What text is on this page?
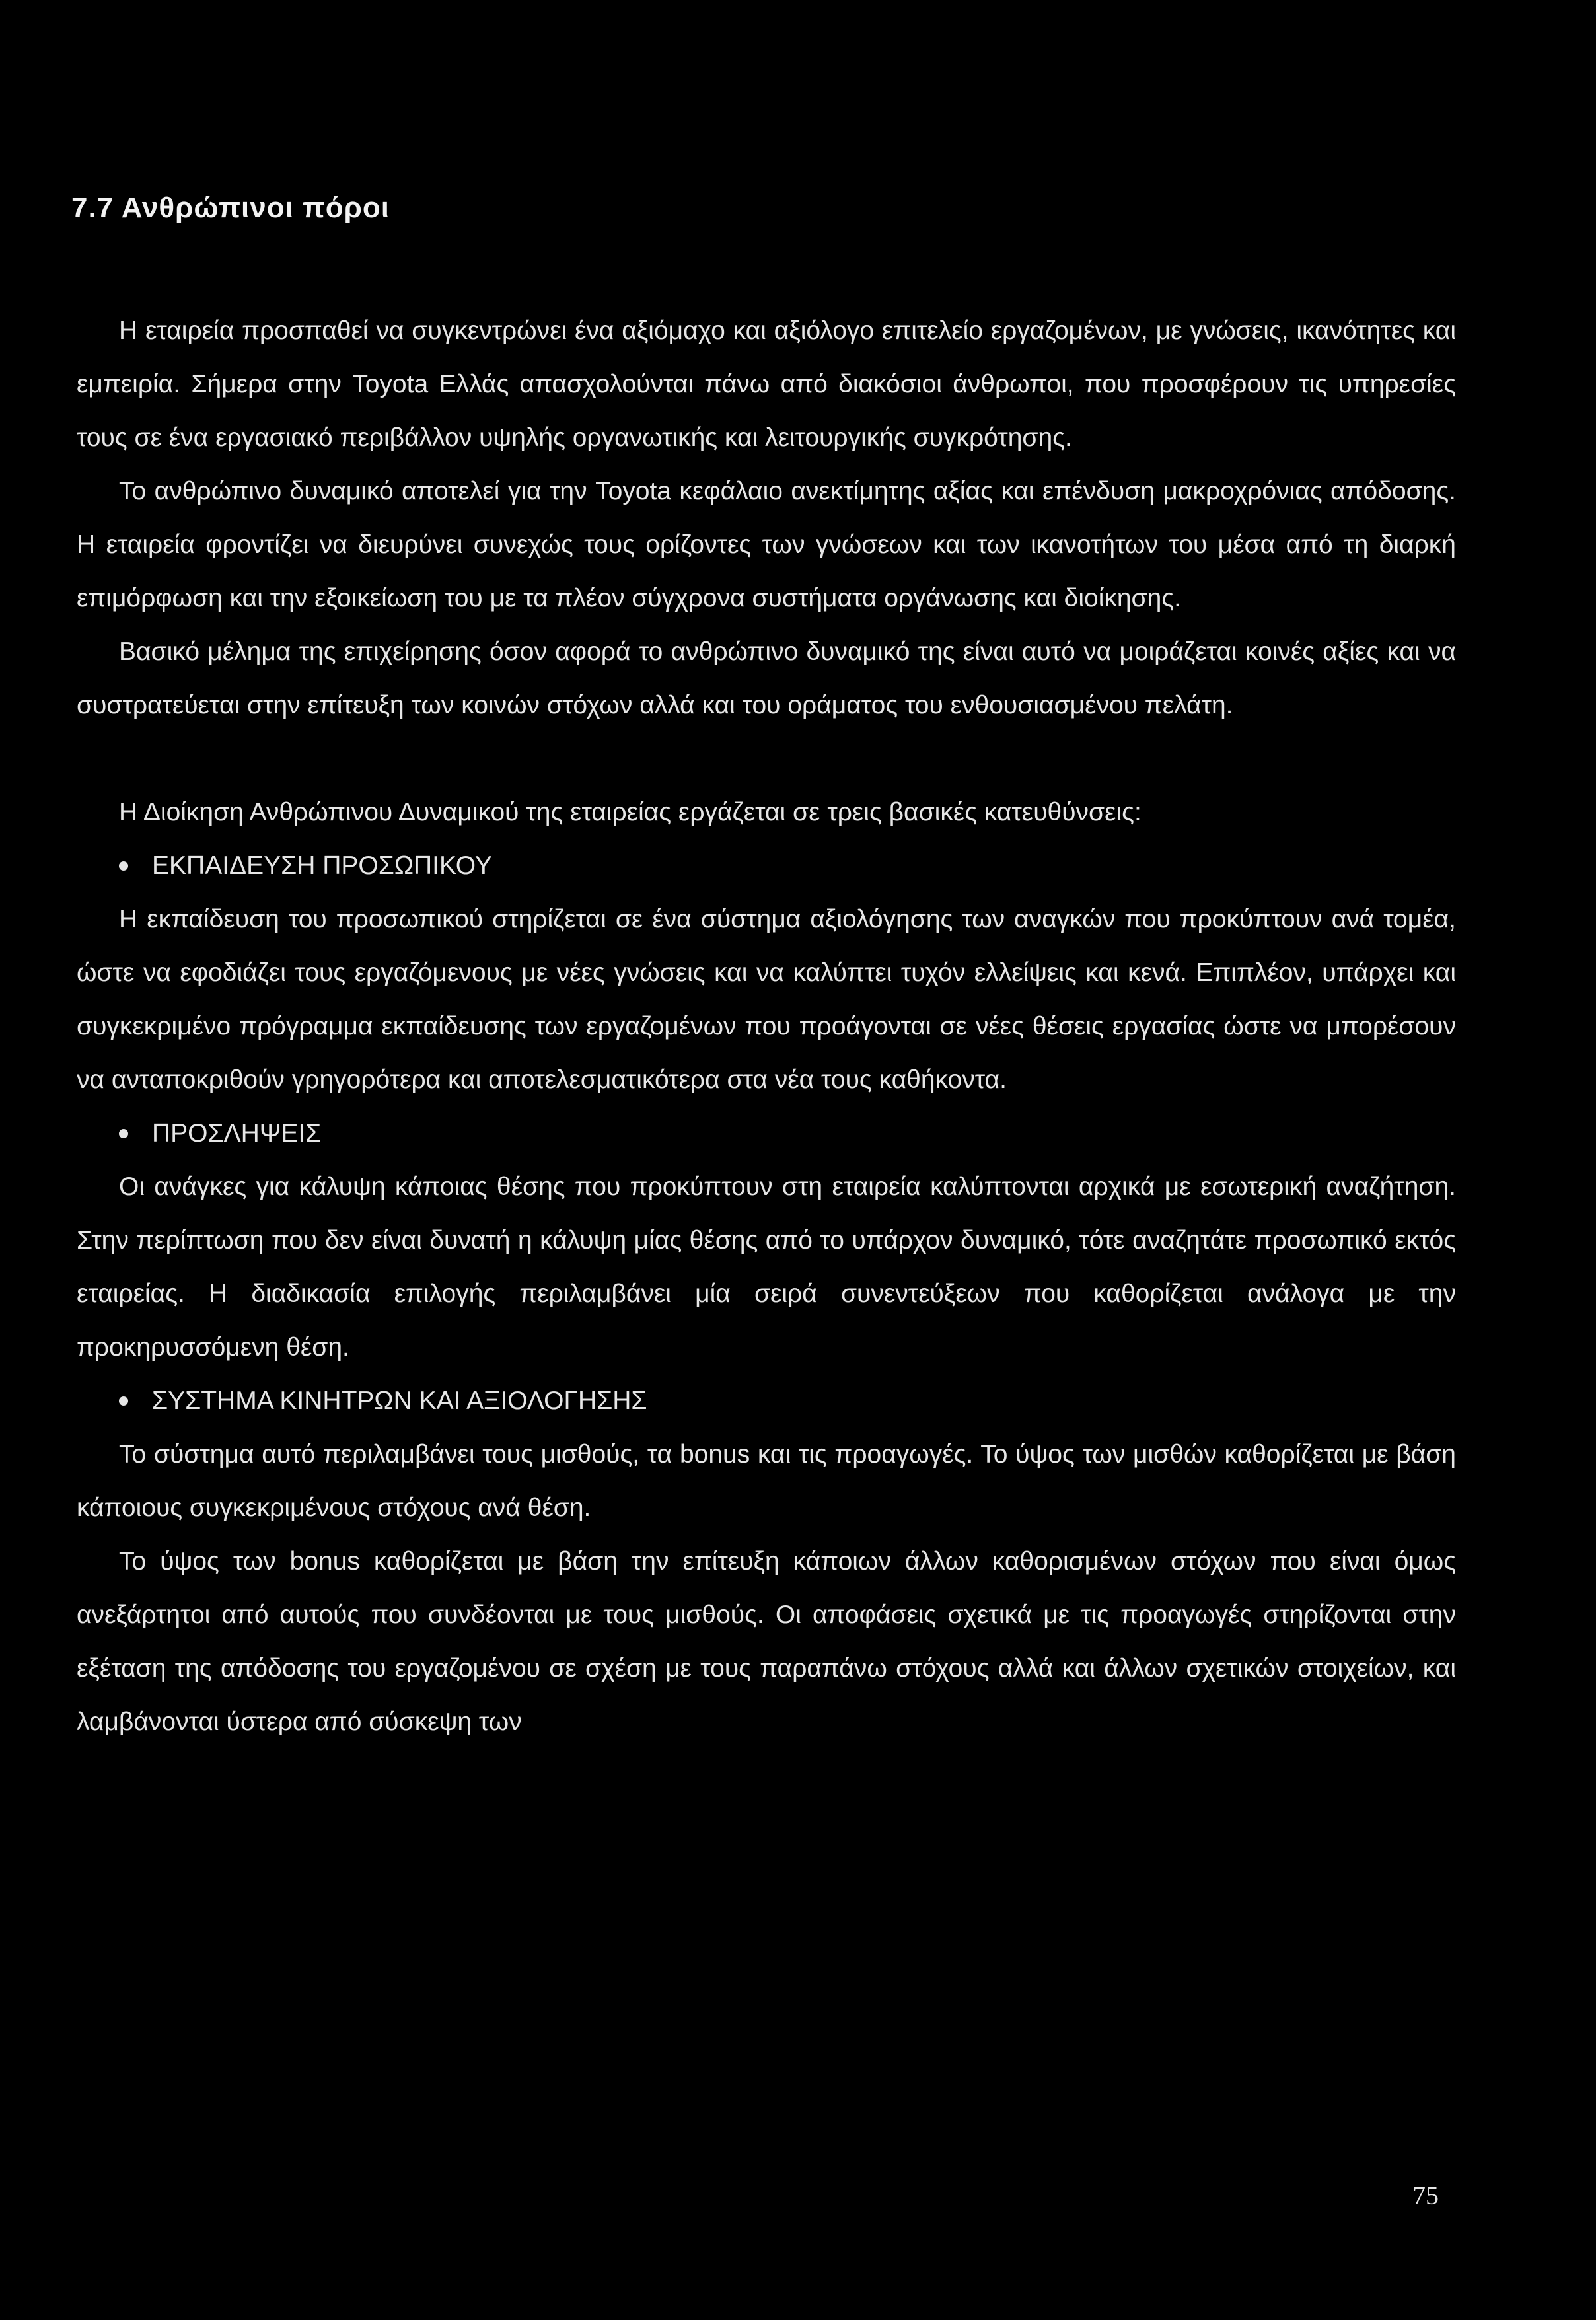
7.7 Ανθρώπινοι πόροι

Η εταιρεία προσπαθεί να συγκεντρώνει ένα αξιόμαχο και αξιόλογο επιτελείο εργαζομένων, με γνώσεις, ικανότητες και εμπειρία. Σήμερα στην Toyota Ελλάς απασχολούνται πάνω από διακόσιοι άνθρωποι, που προσφέρουν τις υπηρεσίες τους σε ένα εργασιακό περιβάλλον υψηλής οργανωτικής και λειτουργικής συγκρότησης.

Το ανθρώπινο δυναμικό αποτελεί για την Toyota κεφάλαιο ανεκτίμητης αξίας και επένδυση μακροχρόνιας απόδοσης. Η εταιρεία φροντίζει να διευρύνει συνεχώς τους ορίζοντες των γνώσεων και των ικανοτήτων του μέσα από τη διαρκή επιμόρφωση και την εξοικείωση του με τα πλέον σύγχρονα συστήματα οργάνωσης και διοίκησης.

Βασικό μέλημα της επιχείρησης όσον αφορά το ανθρώπινο δυναμικό της είναι αυτό να μοιράζεται κοινές αξίες και να συστρατεύεται στην επίτευξη των κοινών στόχων αλλά και του οράματος του ενθουσιασμένου πελάτη.

Η Διοίκηση Ανθρώπινου Δυναμικού της εταιρείας εργάζεται σε τρεις βασικές κατευθύνσεις:

ΕΚΠΑΙΔΕΥΣΗ ΠΡΟΣΩΠΙΚΟΥ

Η εκπαίδευση του προσωπικού στηρίζεται σε ένα σύστημα αξιολόγησης των αναγκών που προκύπτουν ανά τομέα, ώστε να εφοδιάζει τους εργαζόμενους με νέες γνώσεις και να καλύπτει τυχόν ελλείψεις και κενά. Επιπλέον, υπάρχει και συγκεκριμένο πρόγραμμα εκπαίδευσης των εργαζομένων που προάγονται σε νέες θέσεις εργασίας ώστε να μπορέσουν να ανταποκριθούν γρηγορότερα και αποτελεσματικότερα στα νέα τους καθήκοντα.

ΠΡΟΣΛΗΨΕΙΣ

Οι ανάγκες για κάλυψη κάποιας θέσης που προκύπτουν στη εταιρεία καλύπτονται αρχικά με εσωτερική αναζήτηση. Στην περίπτωση που δεν είναι δυνατή η κάλυψη μίας θέσης από το υπάρχον δυναμικό, τότε αναζητάτε προσωπικό εκτός εταιρείας. Η διαδικασία επιλογής περιλαμβάνει μία σειρά συνεντεύξεων που καθορίζεται ανάλογα με την προκηρυσσόμενη θέση.

ΣΥΣΤΗΜΑ ΚΙΝΗΤΡΩΝ ΚΑΙ ΑΞΙΟΛΟΓΗΣΗΣ

Το σύστημα αυτό περιλαμβάνει τους μισθούς, τα bonus και τις προαγωγές. Το ύψος των μισθών καθορίζεται με βάση κάποιους συγκεκριμένους στόχους ανά θέση.

Το ύψος των bonus καθορίζεται με βάση την επίτευξη κάποιων άλλων καθορισμένων στόχων που είναι όμως ανεξάρτητοι από αυτούς που συνδέονται με τους μισθούς. Οι αποφάσεις σχετικά με τις προαγωγές στηρίζονται στην εξέταση της απόδοσης του εργαζομένου σε σχέση με τους παραπάνω στόχους αλλά και άλλων σχετικών στοιχείων, και λαμβάνονται ύστερα από σύσκεψη των

75
